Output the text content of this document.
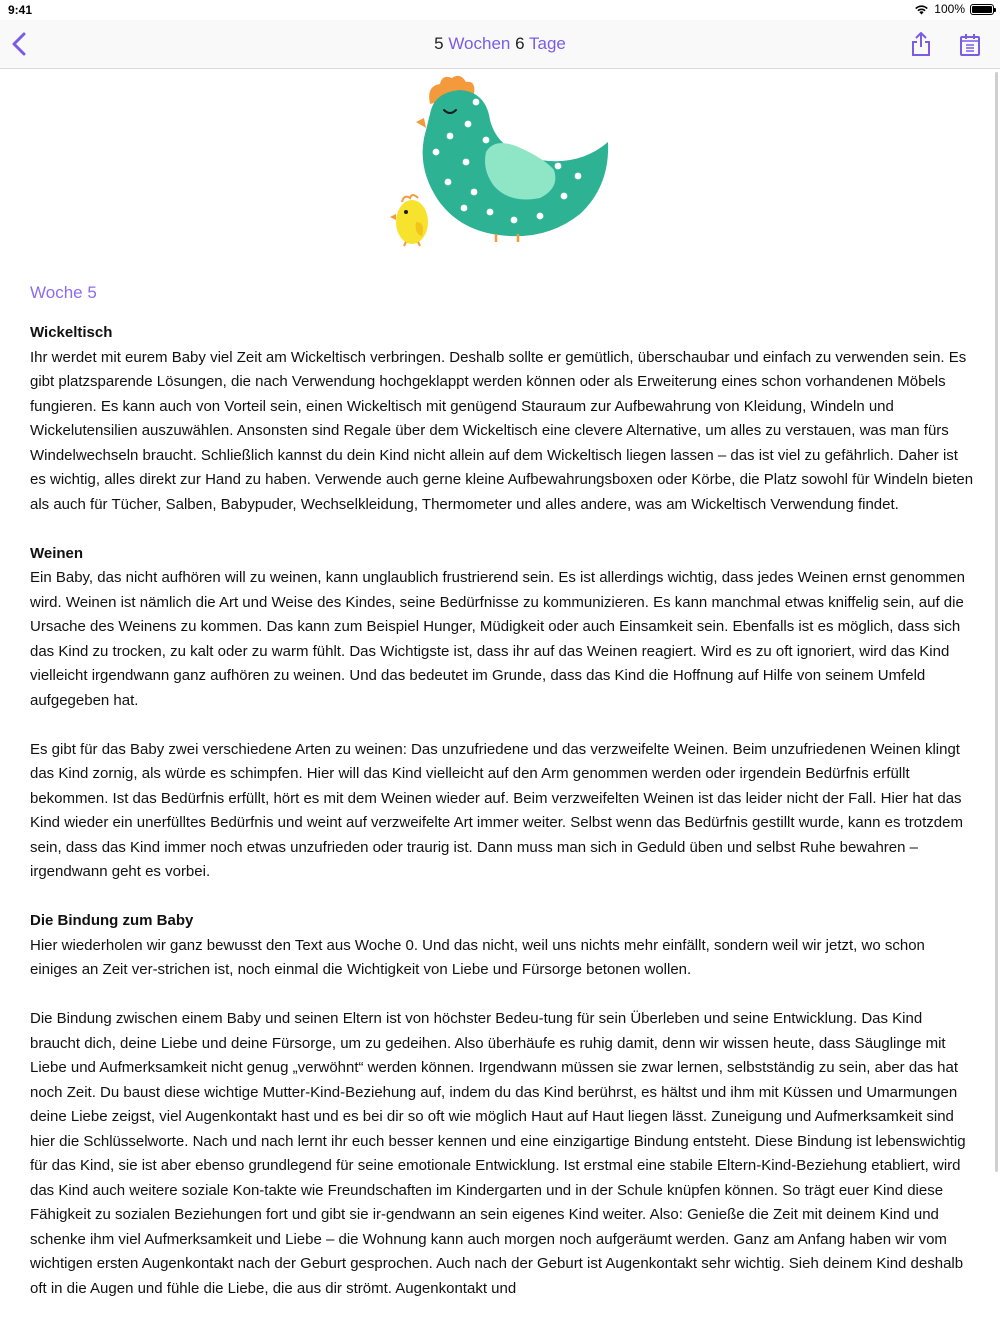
9:41	100%
5 Wochen 6 Tage
Woche 5
Wickeltisch

Ihr werdet mit eurem Baby viel Zeit am Wickeltisch verbringen. Deshalb sollte er gemütlich, überschaubar und einfach zu verwenden sein. Es gibt platzsparende Lösungen, die nach Verwendung hochgeklappt werden können oder als Erweiterung eines schon vorhandenen Möbels fungieren. Es kann auch von Vorteil sein, einen Wickeltisch mit genügend Stauraum zur Aufbewahrung von Kleidung, Windeln und Wickelutensilien auszuwählen. Ansonsten sind Regale über dem Wickeltisch eine clevere Alternative, um alles zu verstauen, was man fürs Windelwechseln braucht. Schließlich kannst du dein Kind nicht allein auf dem Wickeltisch liegen lassen – das ist viel zu gefährlich. Daher ist es wichtig, alles direkt zur Hand zu haben. Verwende auch gerne kleine Aufbewahrungsboxen oder Körbe, die Platz sowohl für Windeln bieten als auch für Tücher, Salben, Babypuder, Wechselkleidung, Thermometer und alles andere, was am Wickeltisch Verwendung findet.

Weinen

Ein Baby, das nicht aufhören will zu weinen, kann unglaublich frustrierend sein. Es ist allerdings wichtig, dass jedes Weinen ernst genommen wird. Weinen ist nämlich die Art und Weise des Kindes, seine Bedürfnisse zu kommunizieren. Es kann manchmal etwas kniffelig sein, auf die Ursache des Weinens zu kommen. Das kann zum Beispiel Hunger, Müdigkeit oder auch Einsamkeit sein. Ebenfalls ist es möglich, dass sich das Kind zu trocken, zu kalt oder zu warm fühlt. Das Wichtigste ist, dass ihr auf das Weinen reagiert. Wird es zu oft ignoriert, wird das Kind vielleicht irgendwann ganz aufhören zu weinen. Und das bedeutet im Grunde, dass das Kind die Hoffnung auf Hilfe von seinem Umfeld aufgegeben hat.

Es gibt für das Baby zwei verschiedene Arten zu weinen: Das unzufriedene und das verzweifelte Weinen. Beim unzufriedenen Weinen klingt das Kind zornig, als würde es schimpfen. Hier will das Kind vielleicht auf den Arm genommen werden oder irgendein Bedürfnis erfüllt bekommen. Ist das Bedürfnis erfüllt, hört es mit dem Weinen wieder auf. Beim verzweifelten Weinen ist das leider nicht der Fall. Hier hat das Kind wieder ein unerfülltes Bedürfnis und weint auf verzweifelte Art immer weiter. Selbst wenn das Bedürfnis gestillt wurde, kann es trotzdem sein, dass das Kind immer noch etwas unzufrieden oder traurig ist. Dann muss man sich in Geduld üben und selbst Ruhe bewahren – irgendwann geht es vorbei.

Die Bindung zum Baby

Hier wiederholen wir ganz bewusst den Text aus Woche 0. Und das nicht, weil uns nichts mehr einfällt, sondern weil wir jetzt, wo schon einiges an Zeit ver-strichen ist, noch einmal die Wichtigkeit von Liebe und Fürsorge betonen wollen.

Die Bindung zwischen einem Baby und seinen Eltern ist von höchster Bedeu-tung für sein Überleben und seine Entwicklung. Das Kind braucht dich, deine Liebe und deine Fürsorge, um zu gedeihen. Also überhäufe es ruhig damit, denn wir wissen heute, dass Säuglinge mit Liebe und Aufmerksamkeit nicht genug „verwöhnt“ werden können. Irgendwann müssen sie zwar lernen, selbstständig zu sein, aber das hat noch Zeit. Du baust diese wichtige Mutter-Kind-Beziehung auf, indem du das Kind berührst, es hältst und ihm mit Küssen und Umarmungen deine Liebe zeigst, viel Augenkontakt hast und es bei dir so oft wie möglich Haut auf Haut liegen lässt. Zuneigung und Aufmerksamkeit sind hier die Schlüsselworte. Nach und nach lernt ihr euch besser kennen und eine einzigartige Bindung entsteht. Diese Bindung ist lebenswichtig für das Kind, sie ist aber ebenso grundlegend für seine emotionale Entwicklung. Ist erstmal eine stabile Eltern-Kind-Beziehung etabliert, wird das Kind auch weitere soziale Kon-takte wie Freundschaften im Kindergarten und in der Schule knüpfen können. So trägt euer Kind diese Fähigkeit zu sozialen Beziehungen fort und gibt sie ir-gendwann an sein eigenes Kind weiter. Also: Genieße die Zeit mit deinem Kind und schenke ihm viel Aufmerksamkeit und Liebe – die Wohnung kann auch morgen noch aufgeräumt werden. Ganz am Anfang haben wir vom wichtigen ersten Augenkontakt nach der Geburt gesprochen. Auch nach der Geburt ist Augenkontakt sehr wichtig. Sieh deinem Kind deshalb oft in die Augen und fühle die Liebe, die aus dir strömt. Augenkontakt und
